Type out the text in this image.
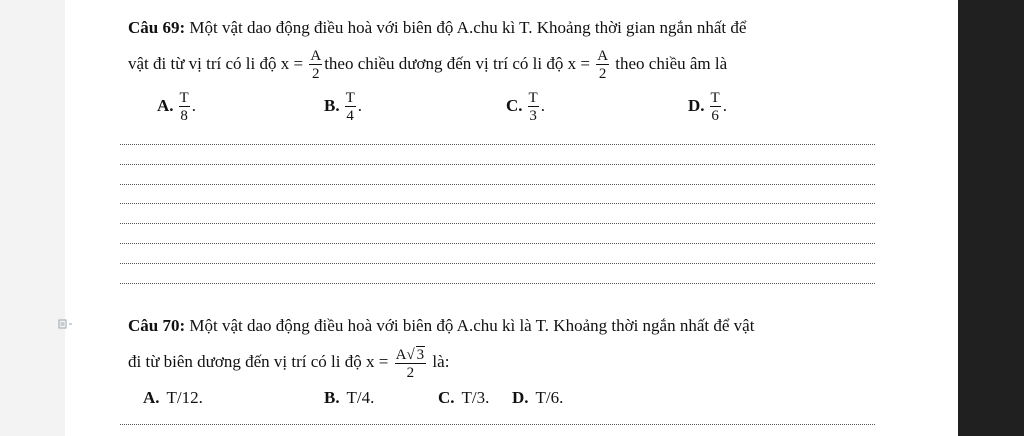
Câu 69: Một vật dao động điều hoà với biên độ A.chu kì T. Khoảng thời gian ngắn nhất để
vật đi từ vị trí có li độ $x = \frac{A}{2}$ theo chiều dương đến vị trí có li độ $x = \frac{A}{2}$ theo chiều âm là
A. $\frac{T}{8}$ .	B. $\frac{T}{4}$ .	C. $\frac{T}{3}$ .	D. $\frac{T}{6}$ .
Câu 70: Một vật dao động điều hoà với biên độ A.chu kì là T. Khoảng thời ngắn nhất để vật
đi từ biên dương đến vị trí có li độ $x = \frac{A√ 3}{2}$ là:
A. T/12.	B. T/4.	C. T/3. D. T/6.
